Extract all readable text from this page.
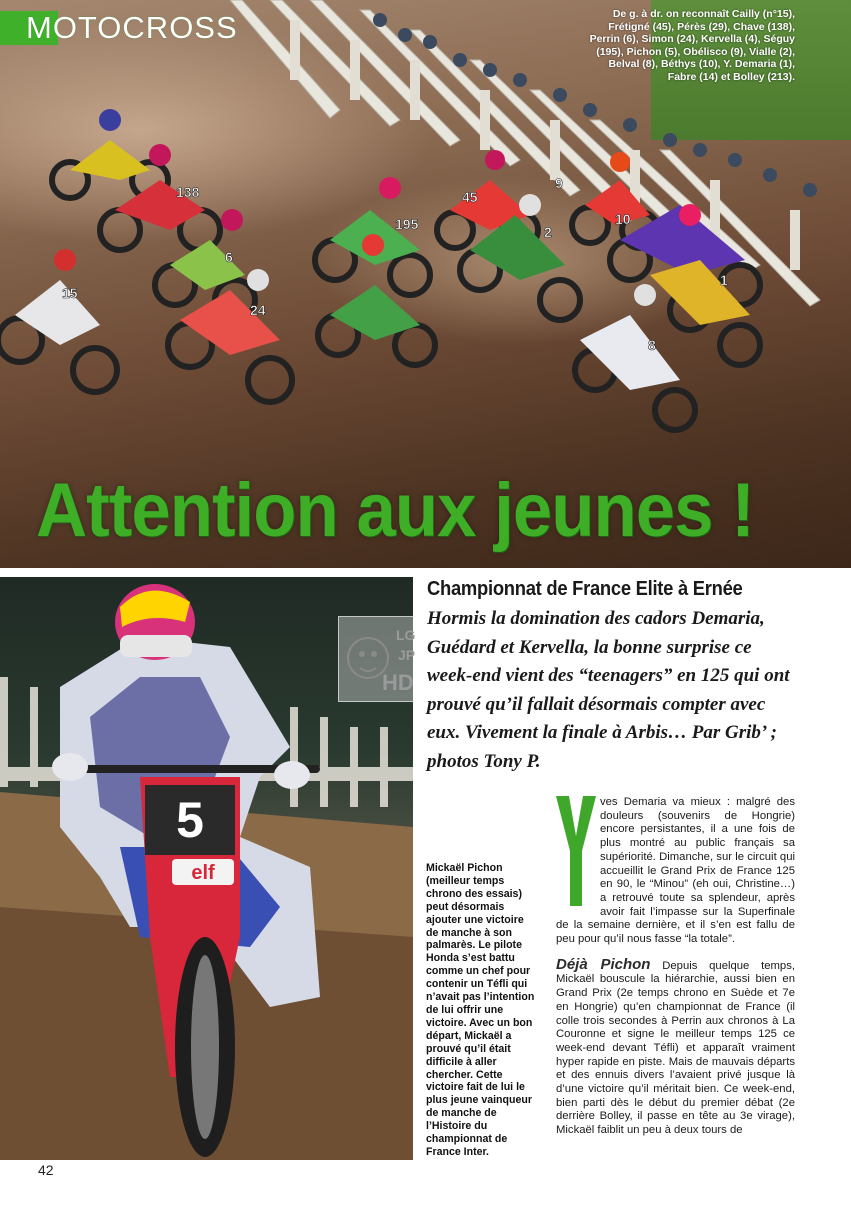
138
6
24
15
195
45
9
2
10
1
8
MOTOCROSS	De g. à dr. on reconnaît Cailly (n°15), Frétigné (45), Pérès (29), Chave (138), Perrin (6), Simon (24), Kervella (4), Séguy (195), Pichon (5), Obélisco (9), Vialle (2), Belval (8), Béthys (10), Y. Demaria (1), Fabre (14) et Bolley (213).
Attention aux jeunes !
5
elf
LG
JP
HD
Mickaël Pichon (meilleur temps chrono des essais) peut désormais ajouter une victoire de manche à son palmarès. Le pilote Honda s’est battu comme un chef pour contenir un Téfli qui n’avait pas l’intention de lui offrir une victoire. Avec un bon départ, Mickaël a prouvé qu’il était difficile à aller chercher. Cette victoire fait de lui le plus jeune vainqueur de manche de l’Histoire du championnat de France Inter.
Championnat de France Elite à Ernée
Hormis la domination des cadors Demaria, Guédard et Kervella, la bonne surprise ce week-end vient des “teenagers” en 125 qui ont prouvé qu’il fallait désormais compter avec eux. Vivement la finale à Arbis… Par Grib’ ; photos Tony P.

ves Demaria va mieux : malgré des douleurs (souvenirs de Hongrie) encore persistantes, il a une fois de plus montré au public français sa supériorité. Dimanche, sur le circuit qui accueillit le Grand Prix de France 125 en 90, le “Minou” (eh oui, Christine…) a retrouvé toute sa splendeur, après avoir fait l’impasse sur la Superfinale de la semaine dernière, et il s’en est fallu de peu pour qu’il nous fasse “la totale”.

Déjà Pichon Depuis quelque temps, Mickaël bouscule la hiérarchie, aussi bien en Grand Prix (2e temps chrono en Suède et 7e en Hongrie) qu’en championnat de France (il colle trois secondes à Perrin aux chronos à La Couronne et signe le meilleur temps 125 ce week-end devant Téfli) et apparaît vraiment hyper rapide en piste. Mais de mauvais départs et des ennuis divers l’avaient privé jusque là d’une victoire qu’il méritait bien. Ce week-end, bien parti dès le début du premier débat (2e derrière Bolley, il passe en tête au 3e virage), Mickaël faiblit un peu à deux tours de

42
